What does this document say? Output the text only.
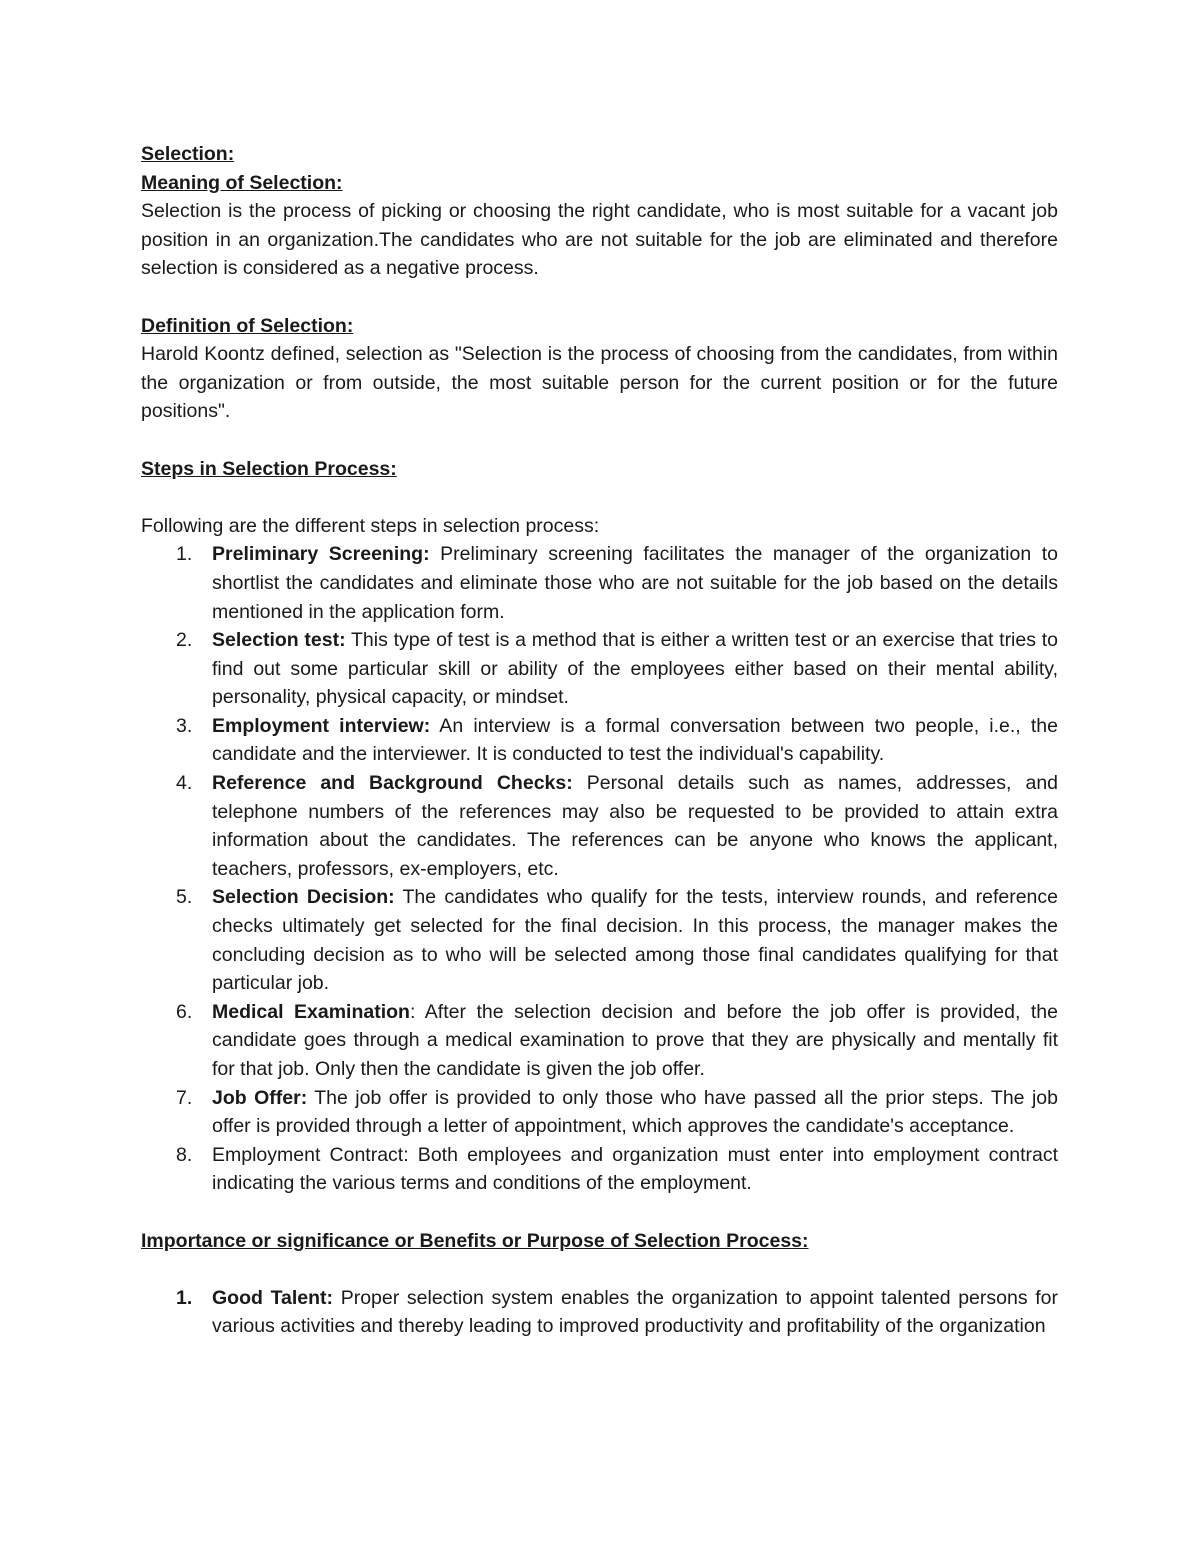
Selection:

Meaning of Selection:

Selection is the process of picking or choosing the right candidate, who is most suitable for a vacant job position in an organization.The candidates who are not suitable for the job are eliminated and therefore selection is considered as a negative process.

Definition of Selection:

Harold Koontz defined, selection as "Selection is the process of choosing from the candidates, from within the organization or from outside, the most suitable person for the current position or for the future positions".

Steps in Selection Process:

Following are the different steps in selection process:

1. Preliminary Screening: Preliminary screening facilitates the manager of the organization to shortlist the candidates and eliminate those who are not suitable for the job based on the details mentioned in the application form.
2. Selection test: This type of test is a method that is either a written test or an exercise that tries to find out some particular skill or ability of the employees either based on their mental ability, personality, physical capacity, or mindset.
3. Employment interview: An interview is a formal conversation between two people, i.e., the candidate and the interviewer. It is conducted to test the individual's capability.
4. Reference and Background Checks: Personal details such as names, addresses, and telephone numbers of the references may also be requested to be provided to attain extra information about the candidates. The references can be anyone who knows the applicant, teachers, professors, ex-employers, etc.
5. Selection Decision: The candidates who qualify for the tests, interview rounds, and reference checks ultimately get selected for the final decision. In this process, the manager makes the concluding decision as to who will be selected among those final candidates qualifying for that particular job.
6. Medical Examination: After the selection decision and before the job offer is provided, the candidate goes through a medical examination to prove that they are physically and mentally fit for that job. Only then the candidate is given the job offer.
7. Job Offer: The job offer is provided to only those who have passed all the prior steps. The job offer is provided through a letter of appointment, which approves the candidate's acceptance.
8. Employment Contract: Both employees and organization must enter into employment contract indicating the various terms and conditions of the employment.

Importance or significance or Benefits or Purpose of Selection Process:

1. Good Talent: Proper selection system enables the organization to appoint talented persons for various activities and thereby leading to improved productivity and profitability of the organization
